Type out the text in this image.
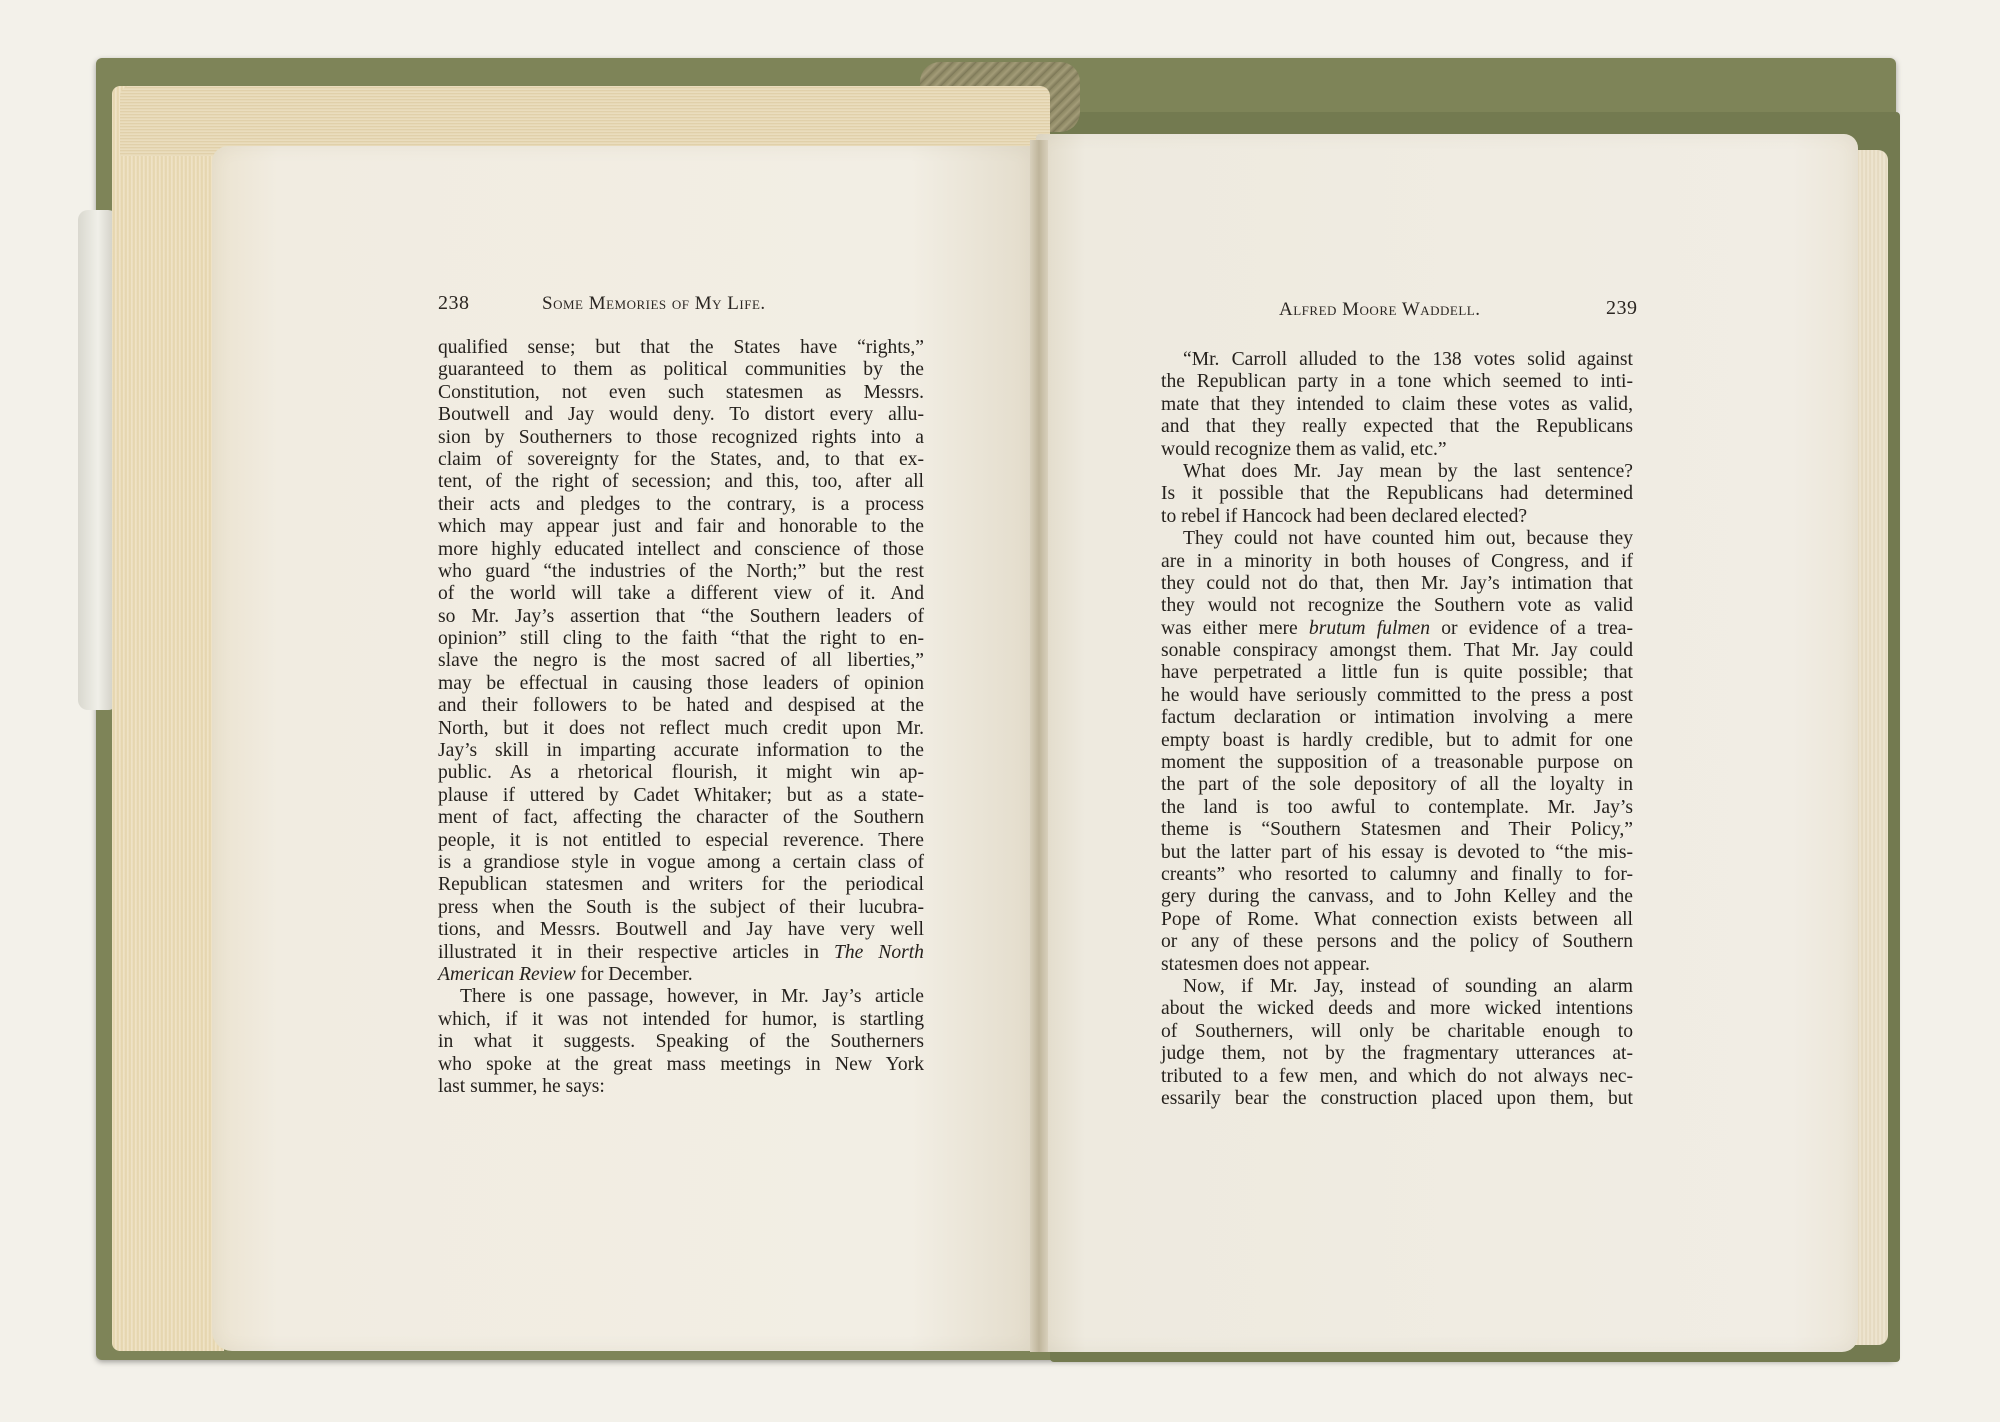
238	Some Memories of My Life.	Alfred Moore Waddell.	239
qualified sense; but that the States have “rights,”
guaranteed to them as political communities by the
Constitution, not even such statesmen as Messrs.
Boutwell and Jay would deny. To distort every allu-
sion by Southerners to those recognized rights into a
claim of sovereignty for the States, and, to that ex-
tent, of the right of secession; and this, too, after all
their acts and pledges to the contrary, is a process
which may appear just and fair and honorable to the
more highly educated intellect and conscience of those
who guard “the industries of the North;” but the rest
of the world will take a different view of it. And
so Mr. Jay’s assertion that “the Southern leaders of
opinion” still cling to the faith “that the right to en-
slave the negro is the most sacred of all liberties,”
may be effectual in causing those leaders of opinion
and their followers to be hated and despised at the
North, but it does not reflect much credit upon Mr.
Jay’s skill in imparting accurate information to the
public. As a rhetorical flourish, it might win ap-
plause if uttered by Cadet Whitaker; but as a state-
ment of fact, affecting the character of the Southern
people, it is not entitled to especial reverence. There
is a grandiose style in vogue among a certain class of
Republican statesmen and writers for the periodical
press when the South is the subject of their lucubra-
tions, and Messrs. Boutwell and Jay have very well
illustrated it in their respective articles in The North
American Review for December.
There is one passage, however, in Mr. Jay’s article
which, if it was not intended for humor, is startling
in what it suggests. Speaking of the Southerners
who spoke at the great mass meetings in New York
last summer, he says:
“Mr. Carroll alluded to the 138 votes solid against
the Republican party in a tone which seemed to inti-
mate that they intended to claim these votes as valid,
and that they really expected that the Republicans
would recognize them as valid, etc.”
What does Mr. Jay mean by the last sentence?
Is it possible that the Republicans had determined
to rebel if Hancock had been declared elected?
They could not have counted him out, because they
are in a minority in both houses of Congress, and if
they could not do that, then Mr. Jay’s intimation that
they would not recognize the Southern vote as valid
was either mere brutum fulmen or evidence of a trea-
sonable conspiracy amongst them. That Mr. Jay could
have perpetrated a little fun is quite possible; that
he would have seriously committed to the press a post
factum declaration or intimation involving a mere
empty boast is hardly credible, but to admit for one
moment the supposition of a treasonable purpose on
the part of the sole depository of all the loyalty in
the land is too awful to contemplate. Mr. Jay’s
theme is “Southern Statesmen and Their Policy,”
but the latter part of his essay is devoted to “the mis-
creants” who resorted to calumny and finally to for-
gery during the canvass, and to John Kelley and the
Pope of Rome. What connection exists between all
or any of these persons and the policy of Southern
statesmen does not appear.
Now, if Mr. Jay, instead of sounding an alarm
about the wicked deeds and more wicked intentions
of Southerners, will only be charitable enough to
judge them, not by the fragmentary utterances at-
tributed to a few men, and which do not always nec-
essarily bear the construction placed upon them, but
